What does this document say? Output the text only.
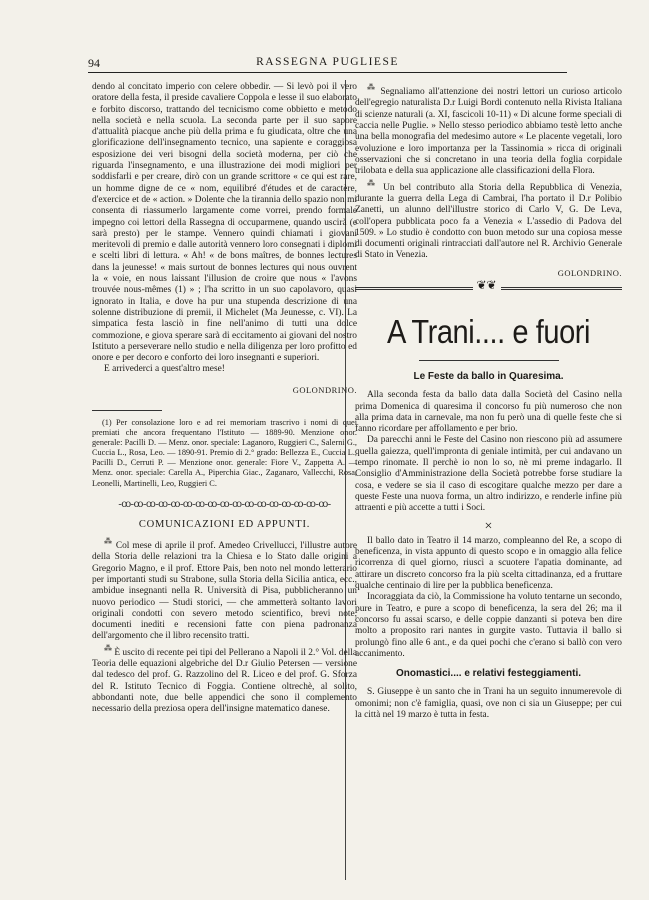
94	RASSEGNA PUGLIESE

dendo al concitato imperio con celere obbedir. — Si levò poi il vero oratore della festa, il preside cavaliere Coppola e lesse il suo elaborato e forbito discorso, trattando del tecnicismo come obbietto e metodo nella società e nella scuola. La seconda parte per il suo sapore d'attualità piacque anche più della prima e fu giudicata, oltre che una glorificazione dell'insegnamento tecnico, una sapiente e coraggiosa esposizione dei veri bisogni della società moderna, per ciò che riguarda l'insegnamento, e una illustrazione dei modi migliori per soddisfarli e per creare, dirò con un grande scrittore « ce qui est rare, un homme digne de ce « nom, equilibré d'études et de caractère, d'exercice et de « action. » Dolente che la tirannia dello spazio non mi consenta di riassumerlo largamente come vorrei, prendo formale impegno coi lettori della Rassegna di occuparmene, quando uscirà (e sarà presto) per le stampe. Vennero quindi chiamati i giovani meritevoli di premio e dalle autorità vennero loro consegnati i diplomi e scelti libri di lettura. « Ah! « de bons maîtres, de bonnes lectures dans la jeunesse! « mais surtout de bonnes lectures qui nous ouvrent la « voie, en nous laissant l'illusion de croire que nous « l'avons trouvée nous-mêmes (1) » ; l'ha scritto in un suo capolavoro, quasi ignorato in Italia, e dove ha pur una stupenda descrizione di una solenne distribuzione di premii, il Michelet (Ma Jeunesse, c. VI). La simpatica festa lasciò in fine nell'animo di tutti una dolce commozione, e giova sperare sarà di eccitamento ai giovani del nostro Istituto a perseverare nello studio e nella diligenza per loro profitto ed onore e per decoro e conforto dei loro insegnanti e superiori.

E arrivederci a quest'altro mese!

GOLONDRINO.

(1) Per consolazione loro e ad rei memoriam trascrivo i nomi di quei premiati che ancora frequentano l'Istituto — 1889-90. Menzione onor. generale: Pacilli D. — Menz. onor. speciale: Laganoro, Ruggieri C., Salerni G., Cuccia L., Rosa, Leo. — 1890-91. Premio di 2.° grado: Bellezza E., Cuccia L., Pacilli D., Cerruti P. — Menzione onor. generale: Fiore V., Zappetta A. — Menz. onor. speciale: Carella A., Piperchia Giac., Zaganaro, Vallecchi, Rosa, Leonelli, Martinelli, Leo, Ruggieri C.

-ꝏ-ꝏ-ꝏ-ꝏ-ꝏ-ꝏ-ꝏ-ꝏ-ꝏ-ꝏ-ꝏ-ꝏ-ꝏ-ꝏ-ꝏ-ꝏ-ꝏ-
COMUNICAZIONI ED APPUNTI.

⁂ Col mese di aprile il prof. Amedeo Crivellucci, l'illustre autore della Storia delle relazioni tra la Chiesa e lo Stato dalle origini a Gregorio Magno, e il prof. Ettore Pais, ben noto nel mondo letterario per importanti studi su Strabone, sulla Storia della Sicilia antica, ecc., ambidue insegnanti nella R. Università di Pisa, pubblicheranno un nuovo periodico — Studi storici, — che ammetterà soltanto lavori originali condotti con severo metodo scientifico, brevi note, documenti inediti e recensioni fatte con piena padronanza dell'argomento che il libro recensito tratti.

⁂ È uscito di recente pei tipi del Pellerano a Napoli il 2.° Vol. della Teoria delle equazioni algebriche del D.r Giulio Petersen — versione dal tedesco del prof. G. Razzolino del R. Liceo e del prof. G. Sforza del R. Istituto Tecnico di Foggia. Contiene oltrechè, al solito, abbondanti note, due belle appendici che sono il complemento necessario della preziosa opera dell'insigne matematico danese.

⁂ Segnaliamo all'attenzione dei nostri lettori un curioso articolo dell'egregio naturalista D.r Luigi Bordi contenuto nella Rivista Italiana di scienze naturali (a. XI, fascicoli 10-11) « Di alcune forme speciali di caccia nelle Puglie. » Nello stesso periodico abbiamo testè letto anche una bella monografia del medesimo autore « Le placente vegetali, loro evoluzione e loro importanza per la Tassinomia » ricca di originali osservazioni che si concretano in una teoria della foglia corpidale trilobata e della sua applicazione alle classificazioni della Flora.

⁂ Un bel contributo alla Storia della Repubblica di Venezia, durante la guerra della Lega di Cambrai, l'ha portato il D.r Polibio Zanetti, un alunno dell'illustre storico di Carlo V, G. De Leva, coll'opera pubblicata poco fa a Venezia « L'assedio di Padova del 1509. » Lo studio è condotto con buon metodo sur una copiosa messe di documenti originali rintracciati dall'autore nel R. Archivio Generale di Stato in Venezia.

GOLONDRINO.
❦❦
A Trani.... e fuori
Le Feste da ballo in Quaresima.

Alla seconda festa da ballo data dalla Società del Casino nella prima Domenica di quaresima il concorso fu più numeroso che non alla prima data in carnevale, ma non fu però una di quelle feste che si fanno ricordare per affollamento e per brio.

Da parecchi anni le Feste del Casino non riescono più ad assumere quella gaiezza, quell'impronta di geniale intimità, per cui andavano un tempo rinomate. Il perchè io non lo so, nè mi preme indagarlo. Il Consiglio d'Amministrazione della Società potrebbe forse studiare la cosa, e vedere se sia il caso di escogitare qualche mezzo per dare a queste Feste una nuova forma, un altro indirizzo, e renderle infine più attraenti e più accette a tutti i Soci.

×

Il ballo dato in Teatro il 14 marzo, compleanno del Re, a scopo di beneficenza, in vista appunto di questo scopo e in omaggio alla felice ricorrenza di quel giorno, riuscì a scuotere l'apatia dominante, ad attirare un discreto concorso fra la più scelta cittadinanza, ed a fruttare qualche centinaio di lire per la pubblica beneficenza.

Incoraggiata da ciò, la Commissione ha voluto tentarne un secondo, pure in Teatro, e pure a scopo di beneficenza, la sera del 26; ma il concorso fu assai scarso, e delle coppie danzanti si poteva ben dire molto a proposito rari nantes in gurgite vasto. Tuttavia il ballo si prolungò fino alle 6 ant., e da quei pochi che c'erano si ballò con vero accanimento.

Onomastici.... e relativi festeggiamenti.

S. Giuseppe è un santo che in Trani ha un seguito innumerevole di omonimi; non c'è famiglia, quasi, ove non ci sia un Giuseppe; per cui la città nel 19 marzo è tutta in festa.
